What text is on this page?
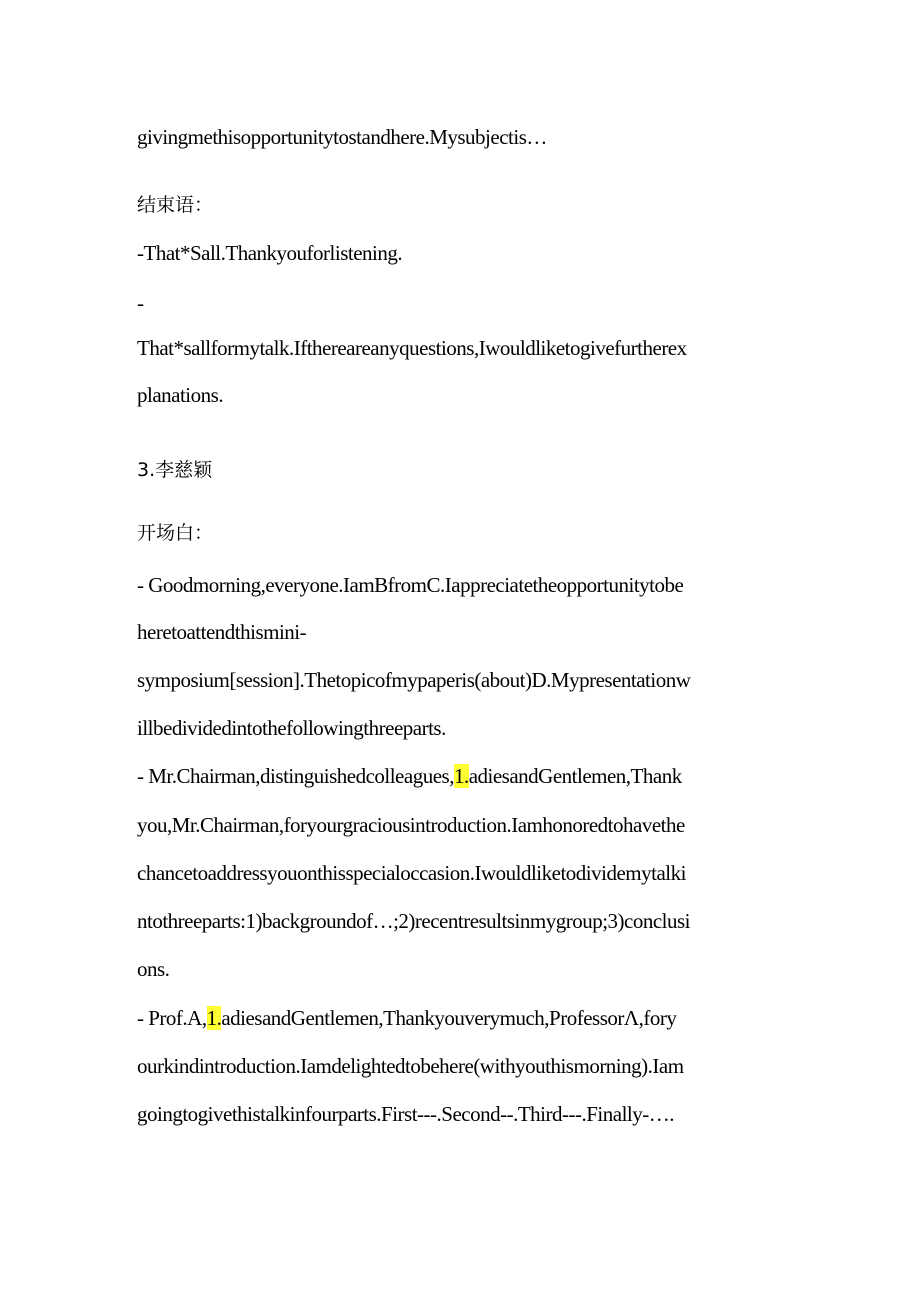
givingmethisopportunitytostandhere.Mysubjectis…
结束语：
-That*Sall.Thankyouforlistening.
-
That*sallformytalk.Ifthereareanyquestions,Iwouldliketogivefurtherex
planations.
3.李慈颖
开场白：
- Goodmorning,everyone.IamBfromC.Iappreciatetheopportunitytobe
heretoattendthismini-
symposium[session].Thetopicofmypaperis(about)D.Mypresentationw
illbedividedintothefollowingthreeparts.
- Mr.Chairman,distinguishedcolleagues,1.adiesandGentlemen,Thank
you,Mr.Chairman,foryourgraciousintroduction.Iamhonoredtohavethe
chancetoaddressyouonthisspecialoccasion.Iwouldliketodividemytalki
ntothreeparts:1)backgroundof…;2)recentresultsinmygroup;3)conclusi
ons.
- Prof.A,1.adiesandGentlemen,Thankyouverymuch,ProfessorΛ,fory
ourkindintroduction.Iamdelightedtobehere(withyouthismorning).Iam
goingtogivethistalkinfourparts.First---.Second--.Third---.Finally-….
